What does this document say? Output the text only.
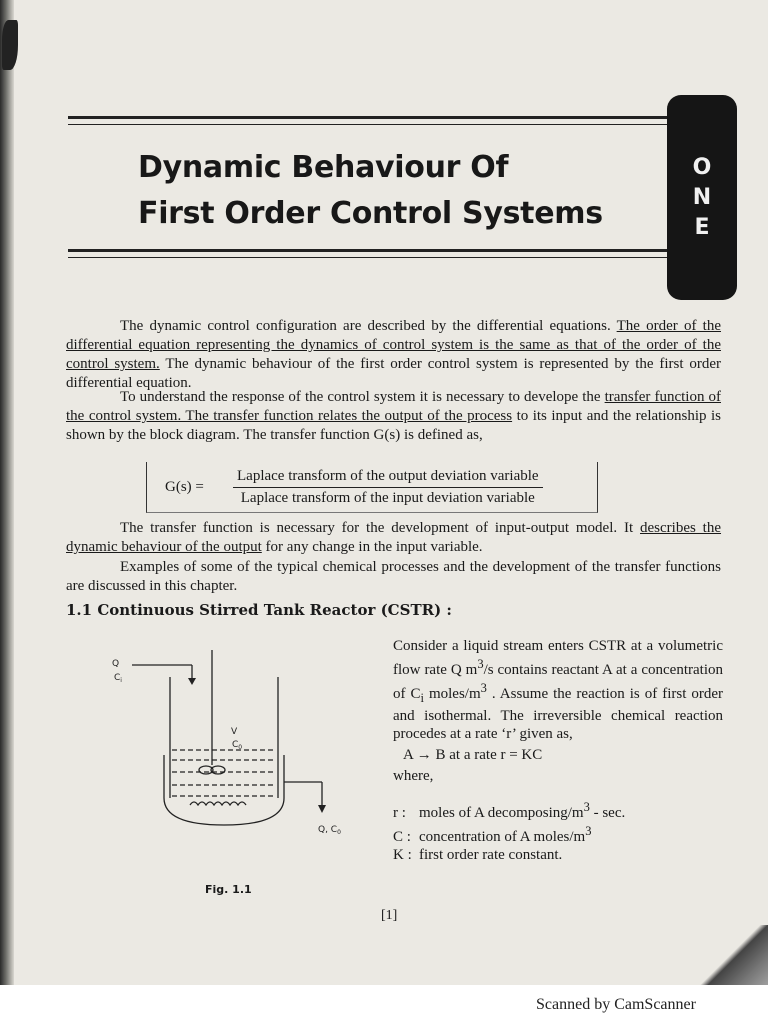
Dynamic Behaviour Of
First Order Control Systems
O
N
E
The dynamic control configuration are described by the differential equations. The order of the differential equation representing the dynamics of control system is the same as that of the order of the control system. The dynamic behaviour of the first order control system is represented by the first order differential equation.
To understand the response of the control system it is necessary to develope the transfer function of the control system. The transfer function relates the output of the process to its input and the relationship is shown by the block diagram. The transfer function G(s) is defined as,
G(s) =	$\frac{\text{Laplace transform of the output deviation variable}}{\text{Laplace transform of the input deviation variable}}$
The transfer function is necessary for the development of input-output model. It describes the dynamic behaviour of the output for any change in the input variable.
Examples of some of the typical chemical processes and the development of the transfer functions are discussed in this chapter.
1.1 Continuous Stirred Tank Reactor (CSTR) :
Consider a liquid stream enters CSTR at a volumetric flow rate Q $m^3/s$ contains reactant A at a concentration of $C_i$ moles/$m^3$ . Assume the reaction is of first order and isothermal. The irreversible chemical reaction procedes at a rate ‘r’ given as,
A → B at a rate r = KC
where,
r : moles of A decomposing/$m^3$ - sec.
C : concentration of A moles/$m^3$
K : first order rate constant.
Q
$C_i$
V
$C_0$
Q, $C_0$
Fig. 1.1
[1]
Scanned by CamScanner
